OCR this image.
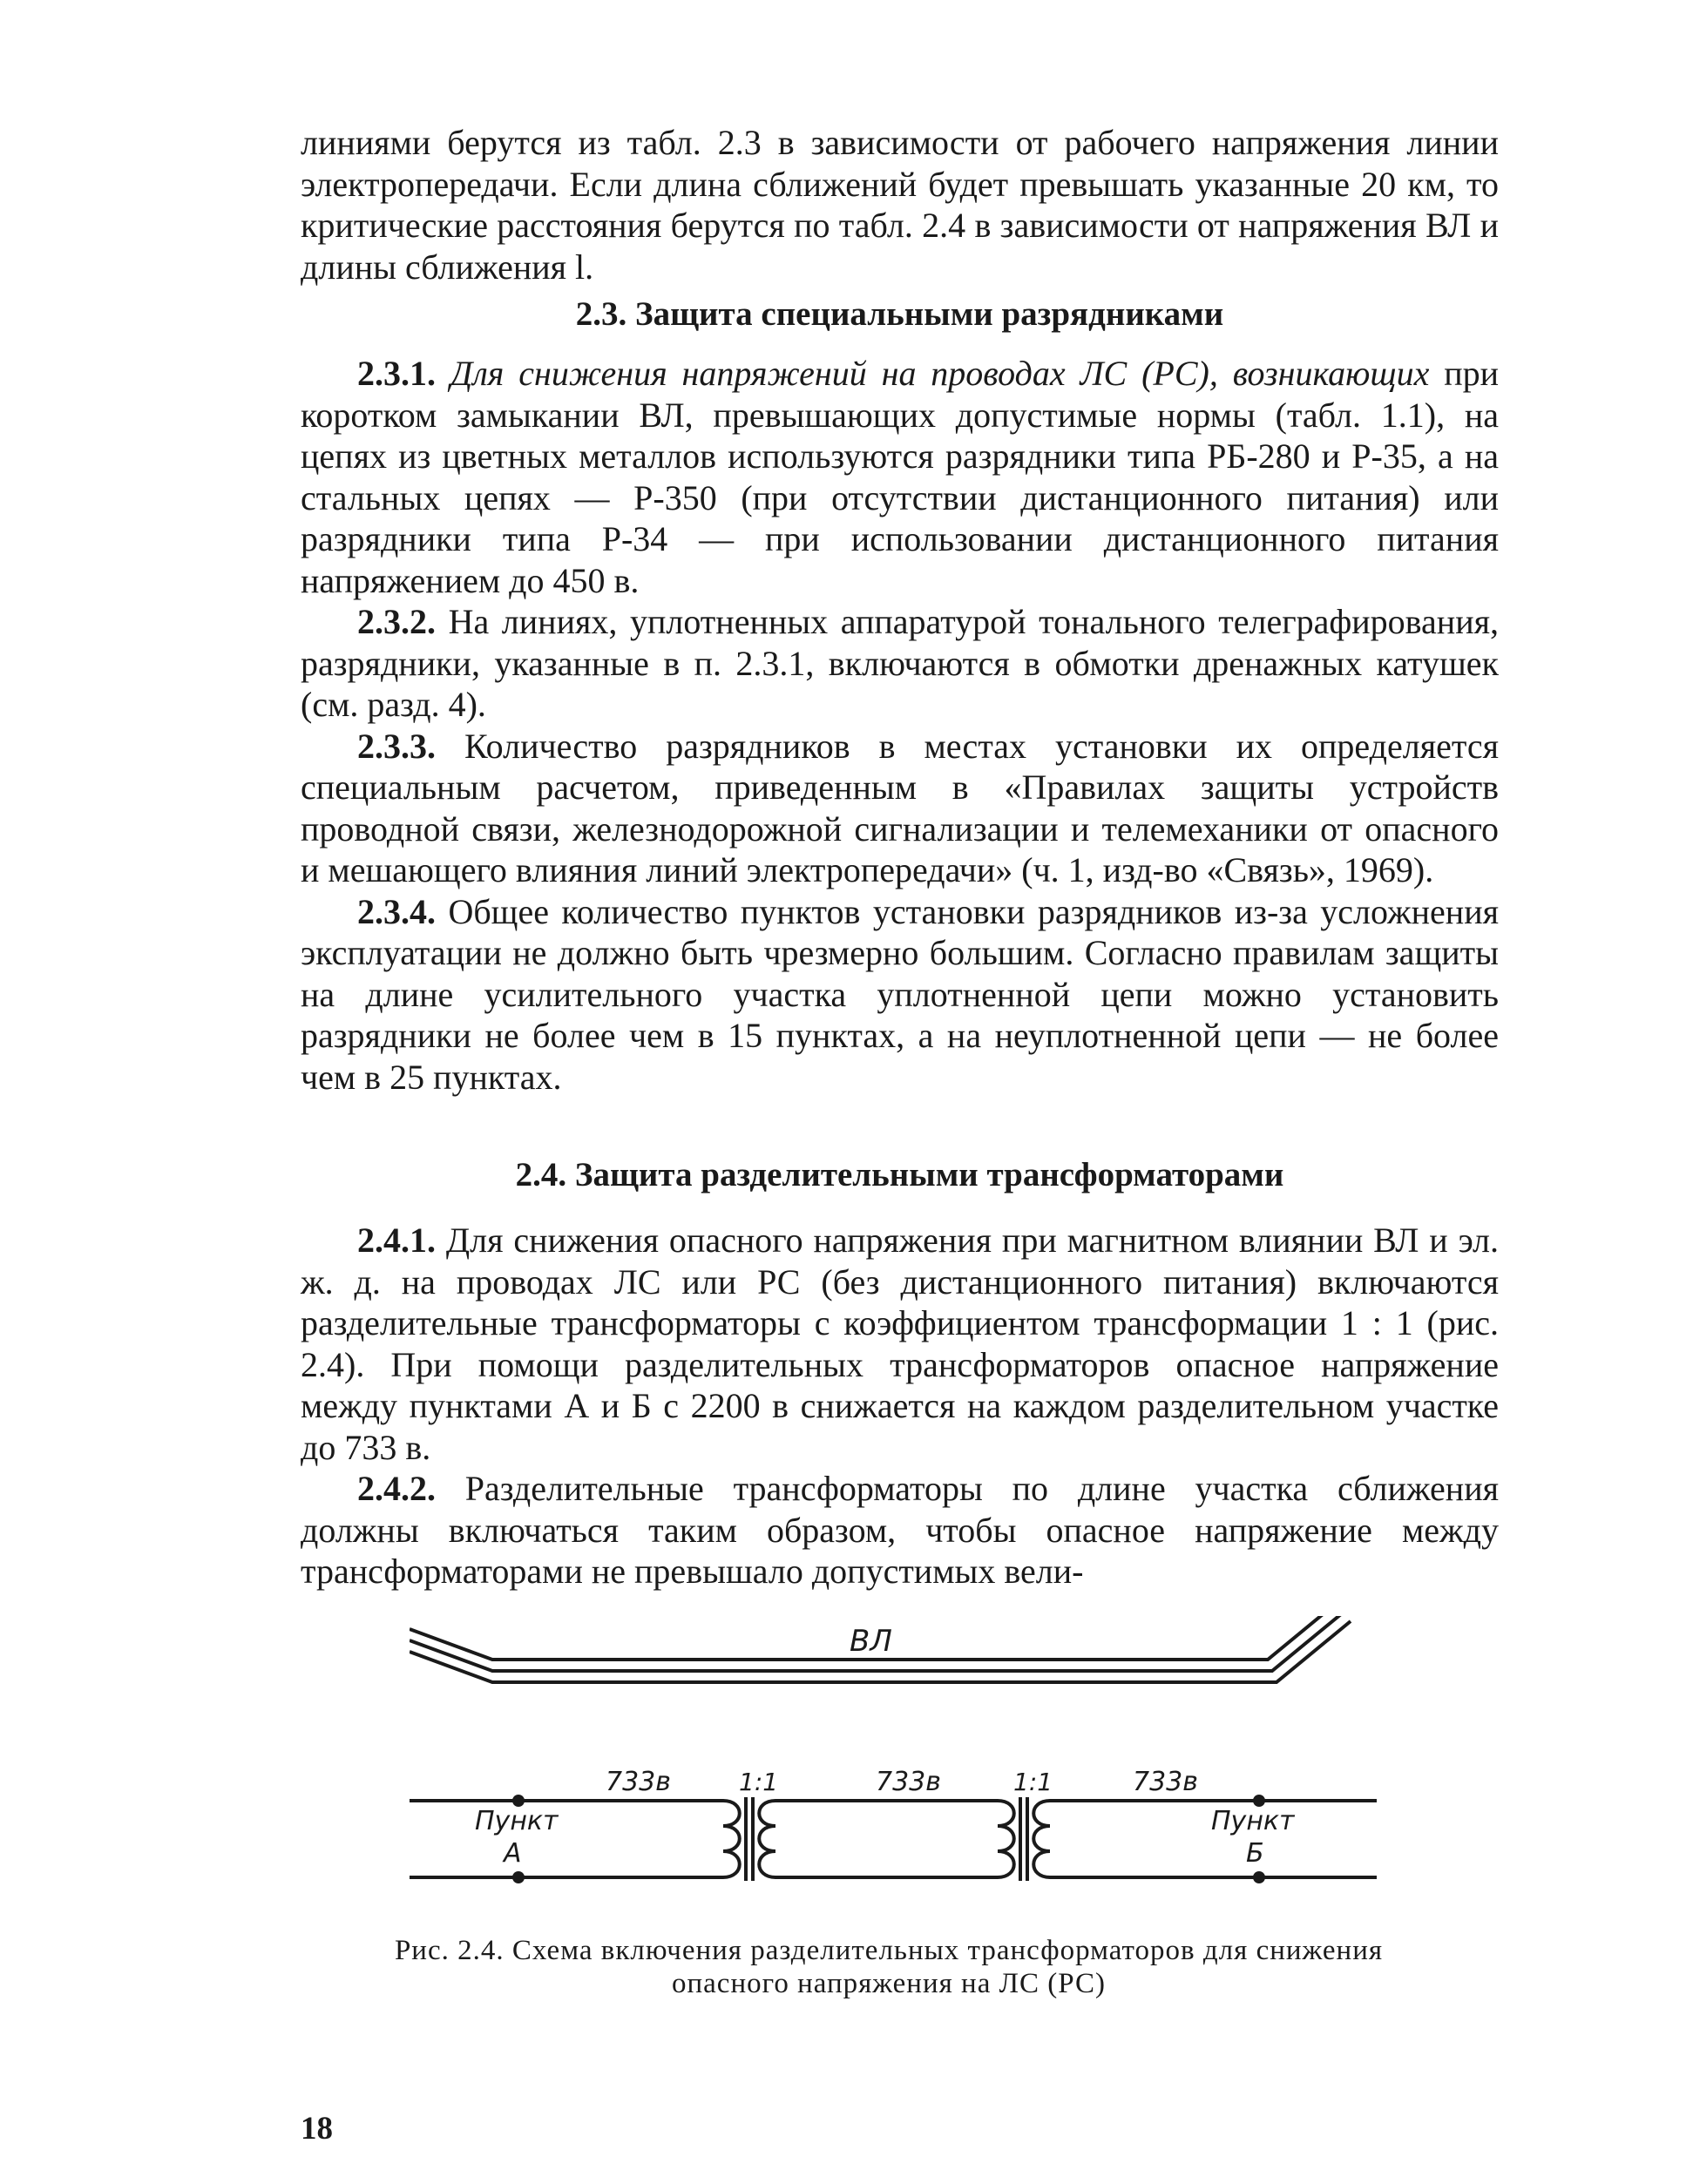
линиями берутся из табл. 2.3 в зависимости от рабочего напряжения линии электропередачи. Если длина сближений будет превышать указанные 20 км, то критические расстояния берутся по табл. 2.4 в зависимости от напряжения ВЛ и длины сближения l.

2.3. Защита специальными разрядниками

2.3.1. Для снижения напряжений на проводах ЛС (РС), возникающих при коротком замыкании ВЛ, превышающих допустимые нормы (табл. 1.1), на цепях из цветных металлов используются разрядники типа РБ-280 и Р-35, а на стальных цепях — Р-350 (при отсутствии дистанционного питания) или разрядники типа Р-34 — при использовании дистанционного питания напряжением до 450 в.

2.3.2. На линиях, уплотненных аппаратурой тонального телеграфирования, разрядники, указанные в п. 2.3.1, включаются в обмотки дренажных катушек (см. разд. 4).

2.3.3. Количество разрядников в местах установки их определяется специальным расчетом, приведенным в «Правилах защиты устройств проводной связи, железнодорожной сигнализации и телемеханики от опасного и мешающего влияния линий электропередачи» (ч. 1, изд-во «Связь», 1969).

2.3.4. Общее количество пунктов установки разрядников из-за усложнения эксплуатации не должно быть чрезмерно большим. Согласно правилам защиты на длине усилительного участка уплотненной цепи можно установить разрядники не более чем в 15 пунктах, а на неуплотненной цепи — не более чем в 25 пунктах.

2.4. Защита разделительными трансформаторами

2.4.1. Для снижения опасного напряжения при магнитном влиянии ВЛ и эл. ж. д. на проводах ЛС или РС (без дистанционного питания) включаются разделительные трансформаторы с коэффициентом трансформации 1 : 1 (рис. 2.4). При помощи разделительных трансформаторов опасное напряжение между пунктами А и Б с 2200 в снижается на каждом разделительном участке до 733 в.

2.4.2. Разделительные трансформаторы по длине участка сближения должны включаться таким образом, чтобы опасное напряжение между трансформаторами не превышало допустимых вели-

ВЛ
733в	1:1	733в	1:1	733в
Пункт
А
Пункт
Б
Рис. 2.4. Схема включения разделительных трансформаторов для снижения опасного напряжения на ЛС (РС)
18
